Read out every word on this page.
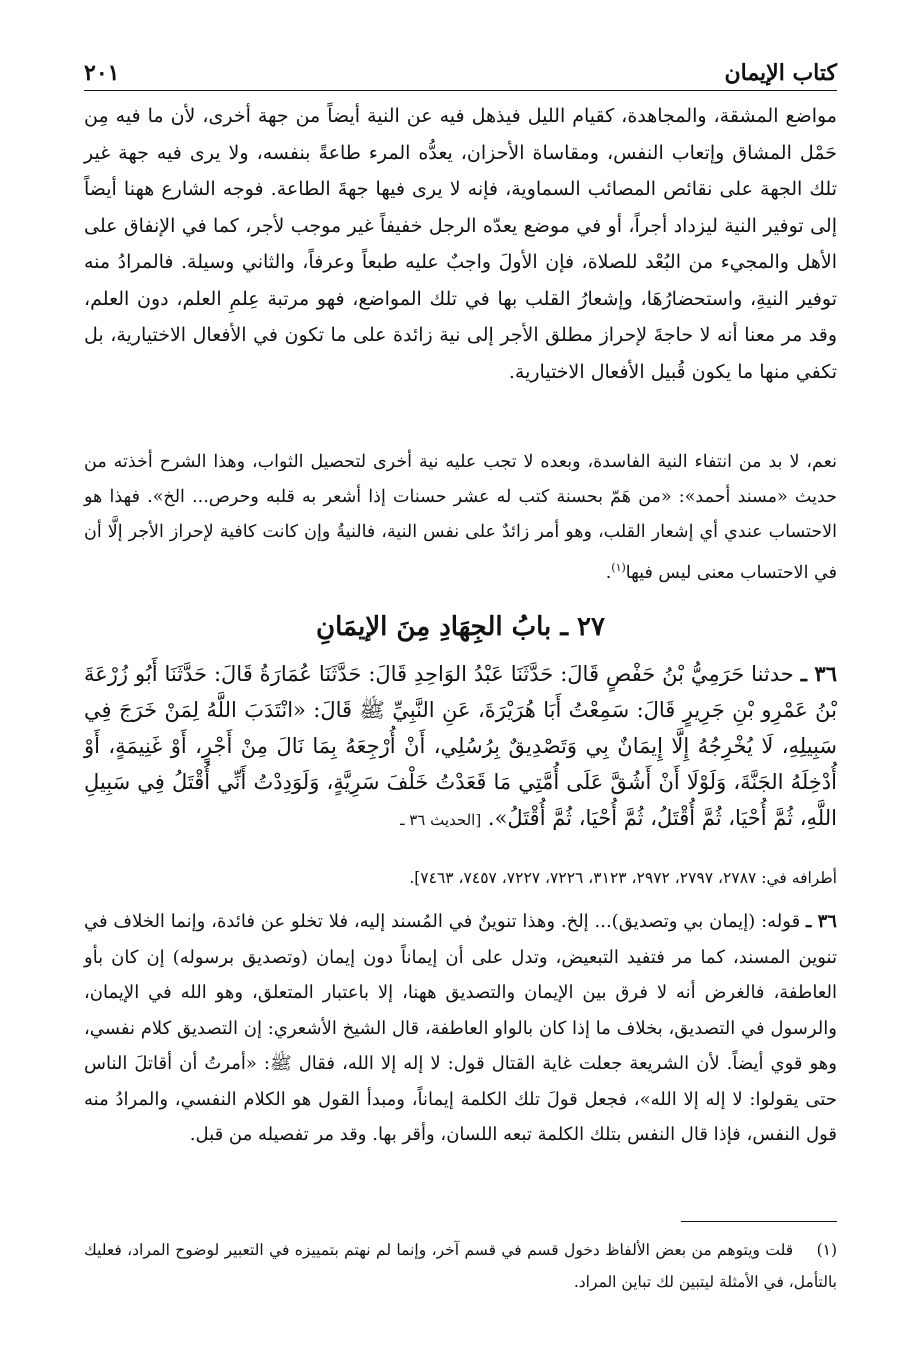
كتاب الإيمان
٢٠١
مواضع المشقة، والمجاهدة، كقيام الليل فيذهل فيه عن النية أيضاً من جهة أخرى، لأن ما فيه مِن حَمْل المشاق وإتعاب النفس، ومقاساة الأحزان، يعدُّه المرء طاعةً بنفسه، ولا يرى فيه جهة غير تلك الجهة على نقائص المصائب السماوية، فإنه لا يرى فيها جهةَ الطاعة. فوجه الشارع ههنا أيضاً إلى توفير النية ليزداد أجراً، أو في موضع يعدّه الرجل خفيفاً غير موجب لأجر، كما في الإنفاق على الأهل والمجيء من البُعْد للصلاة، فإن الأولَ واجبٌ عليه طبعاً وعرفاً، والثاني وسيلة. فالمرادُ منه توفير النيةِ، واستحضارُهَا، وإشعارُ القلب بها في تلك المواضع، فهو مرتبة عِلمِ العلم، دون العلم، وقد مر معنا أنه لا حاجةَ لإحراز مطلق الأجر إلى نية زائدة على ما تكون في الأفعال الاختيارية، بل تكفي منها ما يكون قُبيل الأفعال الاختيارية.
نعم، لا بد من انتفاء النية الفاسدة، وبعده لا تجب عليه نية أخرى لتحصيل الثواب، وهذا الشرح أخذته من حديث «مسند أحمد»: «من هَمّ بحسنة كتب له عشر حسنات إذا أشعر به قلبه وحرص... الخ». فهذا هو الاحتساب عندي أي إشعار القلب، وهو أمر زائدٌ على نفس النية، فالنيةُ وإن كانت كافية لإحراز الأجر إلَّا أن في الاحتساب معنى ليس فيها$^{(١)}$.
٢٧ ـ بابُ الجِهَادِ مِنَ الإيمَانِ
٣٦ ـ حدثنا حَرَمِيُّ بْنُ حَفْصٍ قَالَ: حَدَّثَنَا عَبْدُ الوَاحِدِ قَالَ: حَدَّثَنَا عُمَارَةُ قَالَ: حَدَّثَنَا أَبُو زُرْعَةَ بْنُ عَمْرِو بْنِ جَرِيرٍ قَالَ: سَمِعْتُ أَبَا هُرَيْرَةَ، عَنِ النَّبِيِّ ﷺ قَالَ: «انْتَدَبَ اللَّهُ لِمَنْ خَرَجَ فِي سَبِيلِهِ، لَا يُخْرِجُهُ إِلَّا إِيمَانٌ بِي وَتَصْدِيقٌ بِرُسُلِي، أَنْ أُرْجِعَهُ بِمَا نَالَ مِنْ أَجْرٍ، أَوْ غَنِيمَةٍ، أَوْ أُدْخِلَهُ الجَنَّةَ، وَلَوْلَا أَنْ أَشُقَّ عَلَى أُمَّتِي مَا قَعَدْتُ خَلْفَ سَرِيَّةٍ، وَلَوَدِدْتُ أَنِّي أُقْتَلُ فِي سَبِيلِ اللَّهِ، ثُمَّ أُحْيَا، ثُمَّ أُقْتَلُ، ثُمَّ أُحْيَا، ثُمَّ أُقْتَلُ». [الحديث ٣٦ ـ
أطرافه في: ٢٧٨٧، ٢٧٩٧، ٢٩٧٢، ٣١٢٣، ٧٢٢٦، ٧٢٢٧، ٧٤٥٧، ٧٤٦٣].
٣٦ ـ قوله: (إيمان بي وتصديق)... إلخ. وهذا تنوينٌ في المُسند إليه، فلا تخلو عن فائدة، وإنما الخلاف في تنوين المسند، كما مر فتفيد التبعيض، وتدل على أن إيماناً دون إيمان (وتصديق برسوله) إن كان بأو العاطفة، فالغرض أنه لا فرق بين الإيمان والتصديق ههنا، إلا باعتبار المتعلق، وهو الله في الإيمان، والرسول في التصديق، بخلاف ما إذا كان بالواو العاطفة، قال الشيخ الأشعري: إن التصديق كلام نفسي، وهو قوي أيضاً. لأن الشريعة جعلت غاية القتال قول: لا إله إلا الله، فقال ﷺ: «أمرتُ أن أقاتلَ الناس حتى يقولوا: لا إله إلا الله»، فجعل قولَ تلك الكلمة إيماناً، ومبدأ القول هو الكلام النفسي، والمرادُ منه قول النفس، فإذا قال النفس بتلك الكلمة تبعه اللسان، وأقر بها. وقد مر تفصيله من قبل.
(١) قلت ويتوهم من بعض الألفاظ دخول قسم في قسم آخر، وإنما لم نهتم بتمييزه في التعبير لوضوح المراد، فعليك بالتأمل، في الأمثلة ليتبين لك تباين المراد.
